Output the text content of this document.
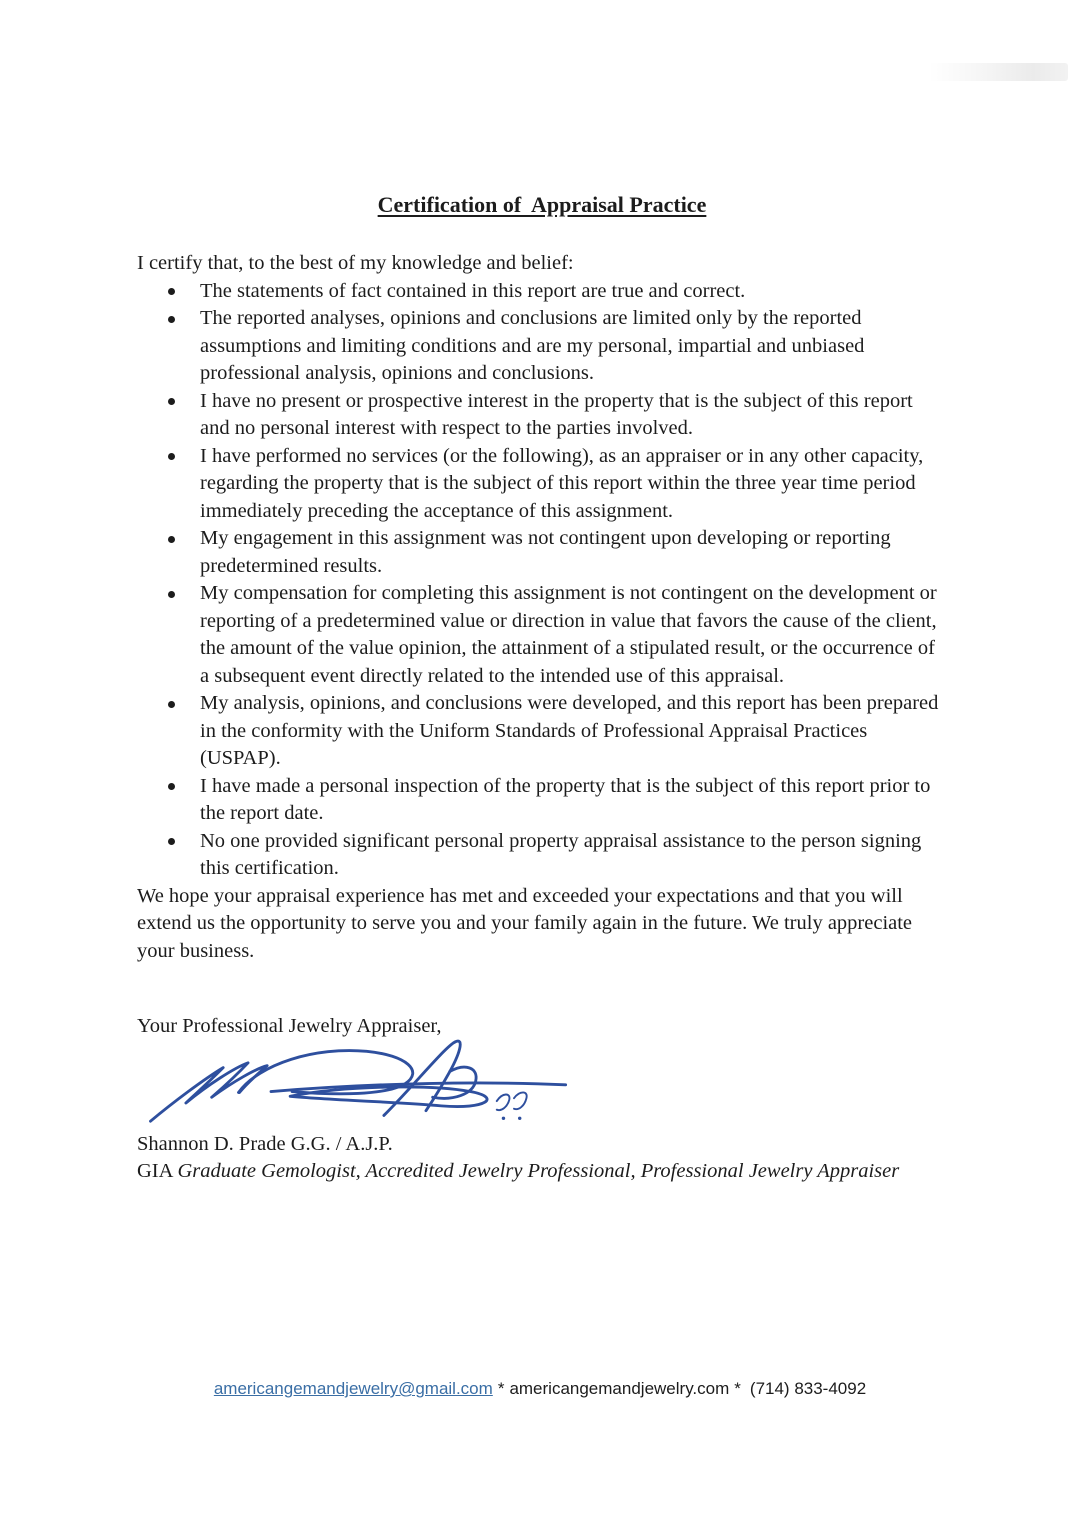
Certification of  Appraisal Practice

I certify that, to the best of my knowledge and belief:

The statements of fact contained in this report are true and correct.
The reported analyses, opinions and conclusions are limited only by the reported assumptions and limiting conditions and are my personal, impartial and unbiased professional analysis, opinions and conclusions.
I have no present or prospective interest in the property that is the subject of this report and no personal interest with respect to the parties involved.
I have performed no services (or the following), as an appraiser or in any other capacity, regarding the property that is the subject of this report within the three year time period immediately preceding the acceptance of this assignment.
My engagement in this assignment was not contingent upon developing or reporting predetermined results.
My compensation for completing this assignment is not contingent on the development or reporting of a predetermined value or direction in value that favors the cause of the client, the amount of the value opinion, the attainment of a stipulated result, or the occurrence of a subsequent event directly related to the intended use of this appraisal.
My analysis, opinions, and conclusions were developed, and this report has been prepared in the conformity with the Uniform Standards of Professional Appraisal Practices (USPAP).
I have made a personal inspection of the property that is the subject of this report prior to the report date.
No one provided significant personal property appraisal assistance to the person signing this certification.

We hope your appraisal experience has met and exceeded your expectations and that you will extend us the opportunity to serve you and your family again in the future. We truly appreciate your business.

Your Professional Jewelry Appraiser,

Shannon D. Prade G.G. / A.J.P.

GIA Graduate Gemologist, Accredited Jewelry Professional, Professional Jewelry Appraiser

americangemandjewelry@gmail.com * americangemandjewelry.com * (714) 833-4092
